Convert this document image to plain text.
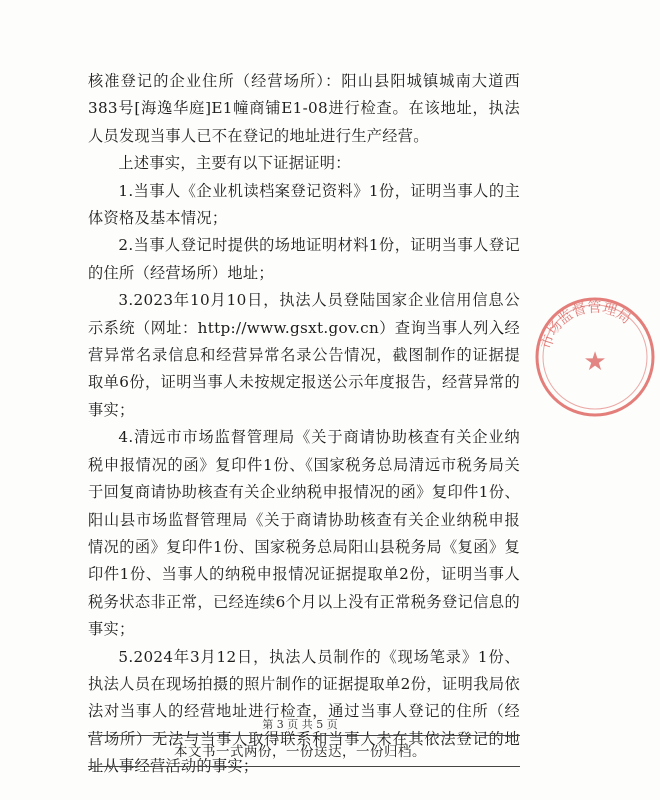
核准登记的企业住所（经营场所）：阳山县阳城镇城南大道西383号[海逸华庭]E1幢商铺E1-08进行检查。在该地址，执法人员发现当事人已不在登记的地址进行生产经营。

上述事实，主要有以下证据证明：

1.当事人《企业机读档案登记资料》1份，证明当事人的主体资格及基本情况；

2.当事人登记时提供的场地证明材料1份，证明当事人登记的住所（经营场所）地址；

3.2023年10月10日，执法人员登陆国家企业信用信息公示系统（网址：http://www.gsxt.gov.cn）查询当事人列入经营异常名录信息和经营异常名录公告情况，截图制作的证据提取单6份，证明当事人未按规定报送公示年度报告，经营异常的事实；

4.清远市市场监督管理局《关于商请协助核查有关企业纳税申报情况的函》复印件1份、《国家税务总局清远市税务局关于回复商请协助核查有关企业纳税申报情况的函》复印件1份、阳山县市场监督管理局《关于商请协助核查有关企业纳税申报情况的函》复印件1份、国家税务总局阳山县税务局《复函》复印件1份、当事人的纳税申报情况证据提取单2份，证明当事人税务状态非正常，已经连续6个月以上没有正常税务登记信息的事实；

5.2024年3月12日，执法人员制作的《现场笔录》1份、执法人员在现场拍摄的照片制作的证据提取单2份，证明我局依法对当事人的经营地址进行检查，通过当事人登记的住所（经营场所）无法与当事人取得联系和当事人未在其依法登记的地址从事经营活动的事实；

市场监督管理局
★
第 3 页 共 5 页
本文书一式两份，一份送达，一份归档。
